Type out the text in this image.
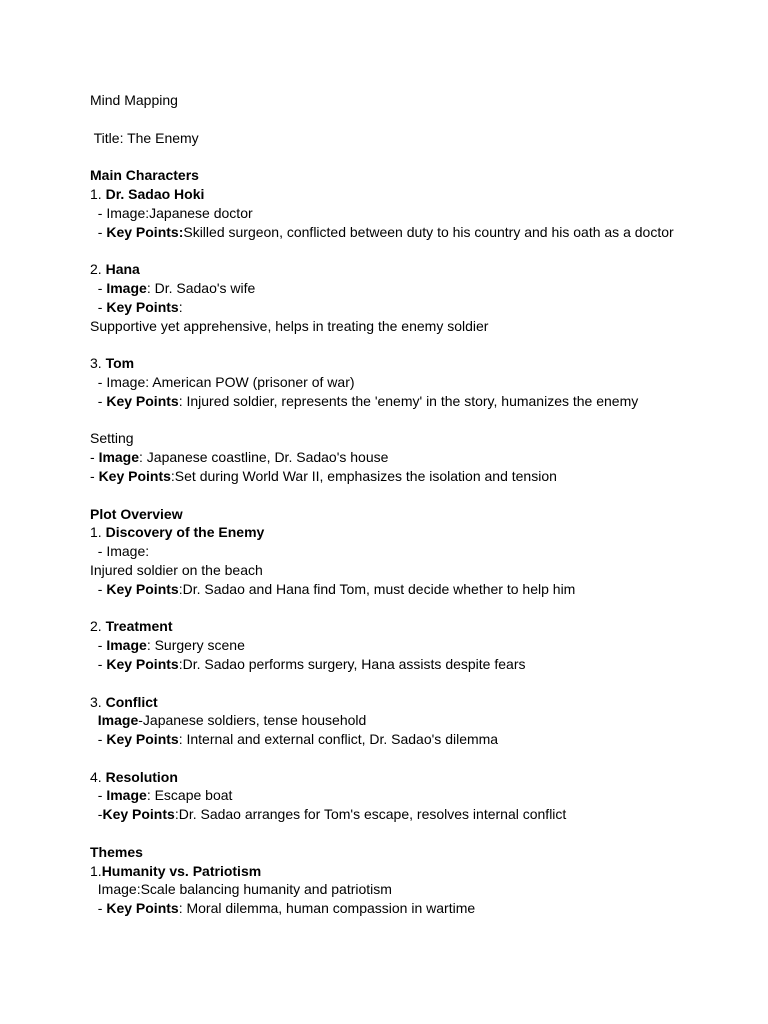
Mind Mapping
Title: The Enemy
Main Characters
1. Dr. Sadao Hoki
- Image:Japanese doctor
- Key Points:Skilled surgeon, conflicted between duty to his country and his oath as a doctor
2. Hana
- Image: Dr. Sadao's wife
- Key Points:
Supportive yet apprehensive, helps in treating the enemy soldier
3. Tom
- Image: American POW (prisoner of war)
- Key Points: Injured soldier, represents the 'enemy' in the story, humanizes the enemy
Setting
- Image: Japanese coastline, Dr. Sadao's house
- Key Points:Set during World War II, emphasizes the isolation and tension
Plot Overview
1. Discovery of the Enemy
- Image:
Injured soldier on the beach
- Key Points:Dr. Sadao and Hana find Tom, must decide whether to help him
2. Treatment
- Image: Surgery scene
- Key Points:Dr. Sadao performs surgery, Hana assists despite fears
3. Conflict
Image-Japanese soldiers, tense household
- Key Points: Internal and external conflict, Dr. Sadao's dilemma
4. Resolution
- Image: Escape boat
-Key Points:Dr. Sadao arranges for Tom's escape, resolves internal conflict
Themes
1.Humanity vs. Patriotism
Image:Scale balancing humanity and patriotism
- Key Points: Moral dilemma, human compassion in wartime
